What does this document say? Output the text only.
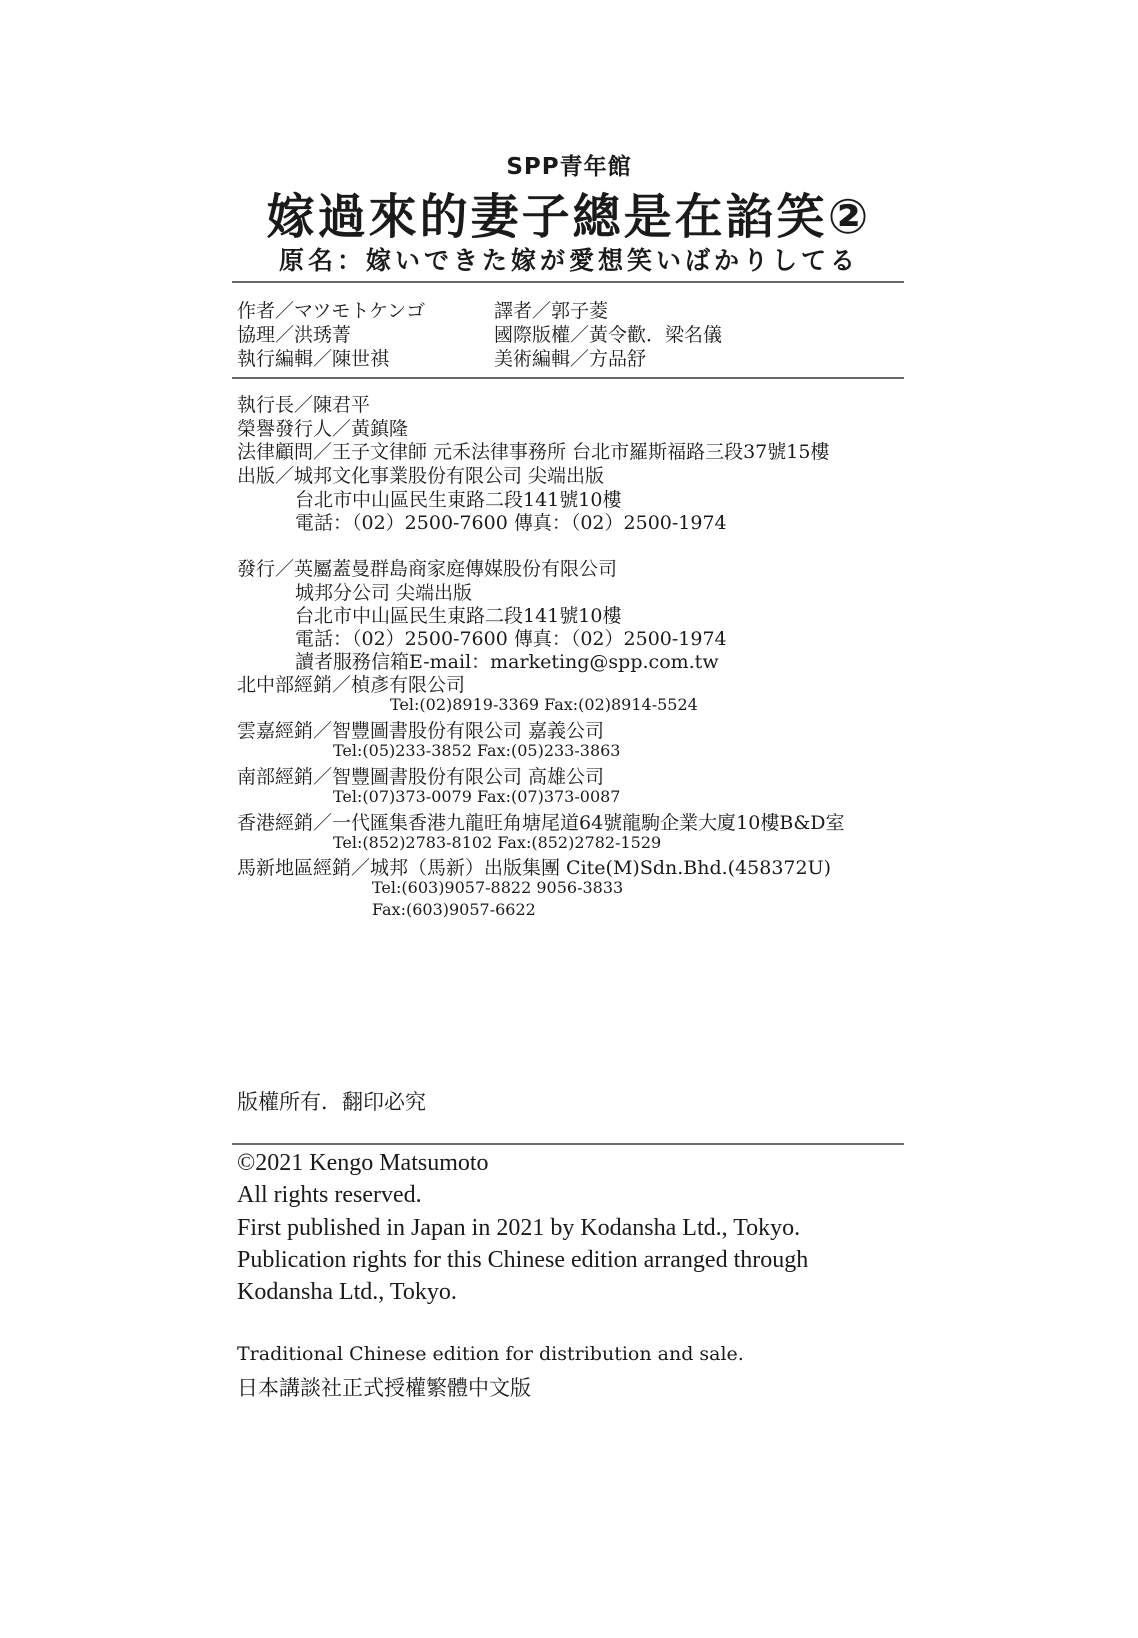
SPP青年館
嫁過來的妻子總是在諂笑②
原名：嫁いできた嫁が愛想笑いばかりしてる
作者／マツモトケンゴ	譯者／郭子菱
協理／洪琇菁	國際版權／黃令歡．梁名儀
執行編輯／陳世祺	美術編輯／方品舒
執行長／陳君平
榮譽發行人／黃鎮隆
法律顧問／王子文律師 元禾法律事務所 台北市羅斯福路三段37號15樓
出版／城邦文化事業股份有限公司 尖端出版
台北市中山區民生東路二段141號10樓
電話：（02）2500-7600 傳真：（02）2500-1974
發行／英屬蓋曼群島商家庭傳媒股份有限公司
城邦分公司 尖端出版
台北市中山區民生東路二段141號10樓
電話：（02）2500-7600 傳真：（02）2500-1974
讀者服務信箱E-mail：marketing@spp.com.tw
北中部經銷／楨彥有限公司
Tel:(02)8919-3369 Fax:(02)8914-5524
雲嘉經銷／智豐圖書股份有限公司 嘉義公司
Tel:(05)233-3852 Fax:(05)233-3863
南部經銷／智豐圖書股份有限公司 高雄公司
Tel:(07)373-0079 Fax:(07)373-0087
香港經銷／一代匯集香港九龍旺角塘尾道64號龍駒企業大廈10樓B&D室
Tel:(852)2783-8102 Fax:(852)2782-1529
馬新地區經銷／城邦（馬新）出版集團 Cite(M)Sdn.Bhd.(458372U)
Tel:(603)9057-8822 9056-3833
Fax:(603)9057-6622
版權所有．翻印必究
©2021 Kengo Matsumoto
All rights reserved.
First published in Japan in 2021 by Kodansha Ltd., Tokyo.
Publication rights for this Chinese edition arranged through
Kodansha Ltd., Tokyo.
Traditional Chinese edition for distribution and sale.
日本講談社正式授權繁體中文版
